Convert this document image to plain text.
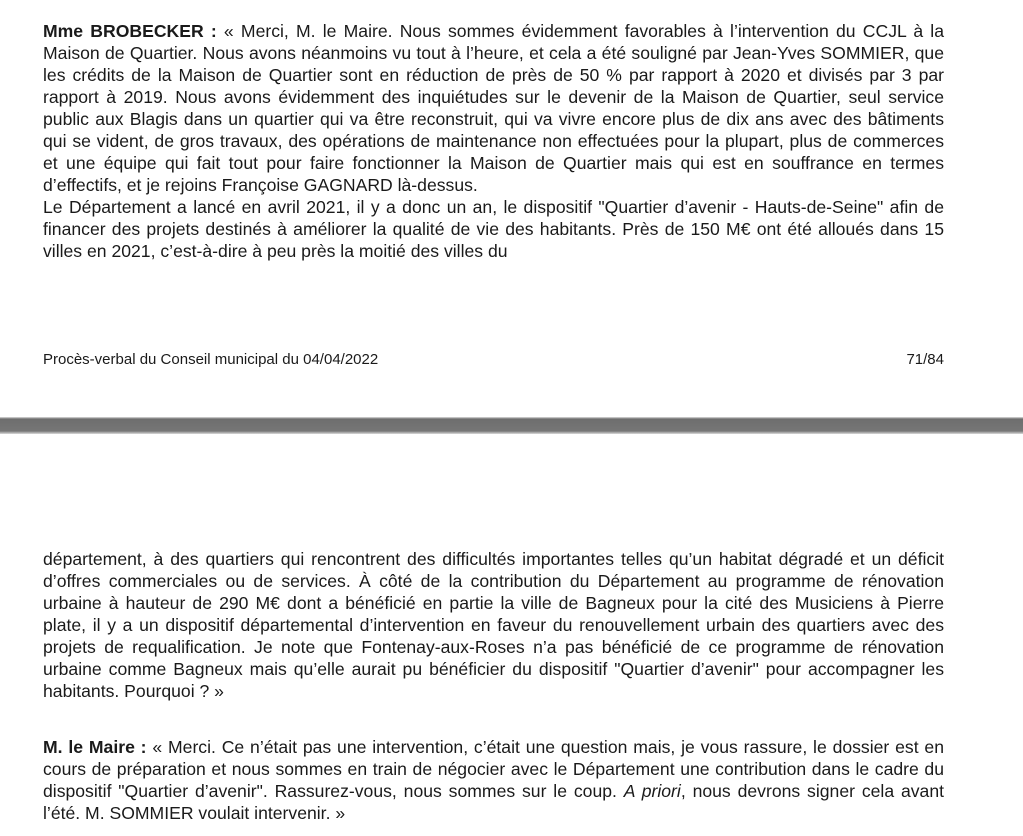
Mme BROBECKER : « Merci, M. le Maire. Nous sommes évidemment favorables à l’intervention du CCJL à la Maison de Quartier. Nous avons néanmoins vu tout à l’heure, et cela a été souligné par Jean-Yves SOMMIER, que les crédits de la Maison de Quartier sont en réduction de près de 50 % par rapport à 2020 et divisés par 3 par rapport à 2019. Nous avons évidemment des inquiétudes sur le devenir de la Maison de Quartier, seul service public aux Blagis dans un quartier qui va être reconstruit, qui va vivre encore plus de dix ans avec des bâtiments qui se vident, de gros travaux, des opérations de maintenance non effectuées pour la plupart, plus de commerces et une équipe qui fait tout pour faire fonctionner la Maison de Quartier mais qui est en souffrance en termes d’effectifs, et je rejoins Françoise GAGNARD là-dessus.

Le Département a lancé en avril 2021, il y a donc un an, le dispositif "Quartier d’avenir - Hauts-de-Seine" afin de financer des projets destinés à améliorer la qualité de vie des habitants. Près de 150 M€ ont été alloués dans 15 villes en 2021, c’est-à-dire à peu près la moitié des villes du

Procès-verbal du Conseil municipal du 04/04/2022	71/84

département, à des quartiers qui rencontrent des difficultés importantes telles qu’un habitat dégradé et un déficit d’offres commerciales ou de services. À côté de la contribution du Département au programme de rénovation urbaine à hauteur de 290 M€ dont a bénéficié en partie la ville de Bagneux pour la cité des Musiciens à Pierre plate, il y a un dispositif départemental d’intervention en faveur du renouvellement urbain des quartiers avec des projets de requalification. Je note que Fontenay-aux-Roses n’a pas bénéficié de ce programme de rénovation urbaine comme Bagneux mais qu’elle aurait pu bénéficier du dispositif "Quartier d’avenir" pour accompagner les habitants. Pourquoi ? »

M. le Maire : « Merci. Ce n’était pas une intervention, c’était une question mais, je vous rassure, le dossier est en cours de préparation et nous sommes en train de négocier avec le Département une contribution dans le cadre du dispositif "Quartier d’avenir". Rassurez-vous, nous sommes sur le coup. A priori, nous devrons signer cela avant l’été. M. SOMMIER voulait intervenir. »
